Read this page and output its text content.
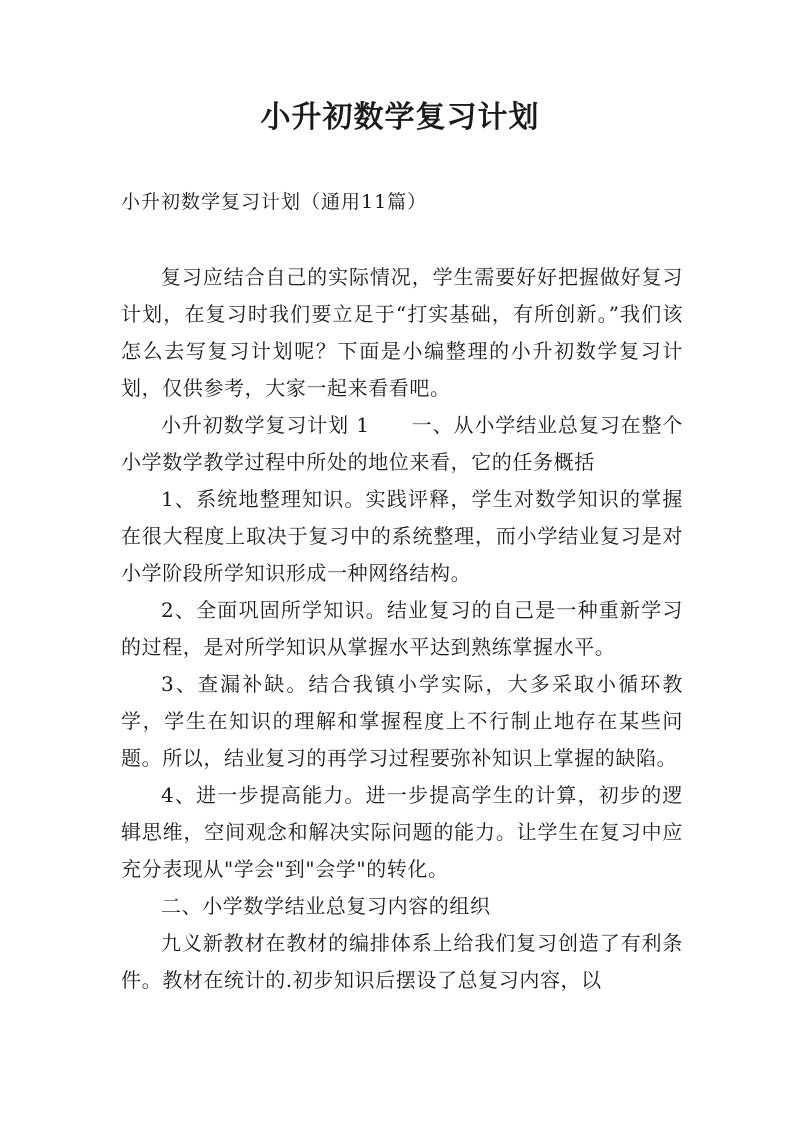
小升初数学复习计划

小升初数学复习计划（通用11篇）

复习应结合自己的实际情况，学生需要好好把握做好复习计划，在复习时我们要立足于“打实基础，有所创新。”我们该怎么去写复习计划呢？下面是小编整理的小升初数学复习计划，仅供参考，大家一起来看看吧。

小升初数学复习计划 1　　一、从小学结业总复习在整个小学数学教学过程中所处的地位来看，它的任务概括

1、系统地整理知识。实践评释，学生对数学知识的掌握在很大程度上取决于复习中的系统整理，而小学结业复习是对小学阶段所学知识形成一种网络结构。

2、全面巩固所学知识。结业复习的自己是一种重新学习的过程，是对所学知识从掌握水平达到熟练掌握水平。

3、查漏补缺。结合我镇小学实际，大多采取小循环教学，学生在知识的理解和掌握程度上不行制止地存在某些问题。所以，结业复习的再学习过程要弥补知识上掌握的缺陷。

4、进一步提高能力。进一步提高学生的计算，初步的逻辑思维，空间观念和解决实际问题的能力。让学生在复习中应充分表现从"学会"到"会学"的转化。

二、小学数学结业总复习内容的组织

九义新教材在教材的编排体系上给我们复习创造了有利条件。教材在统计的.初步知识后摆设了总复习内容，以
